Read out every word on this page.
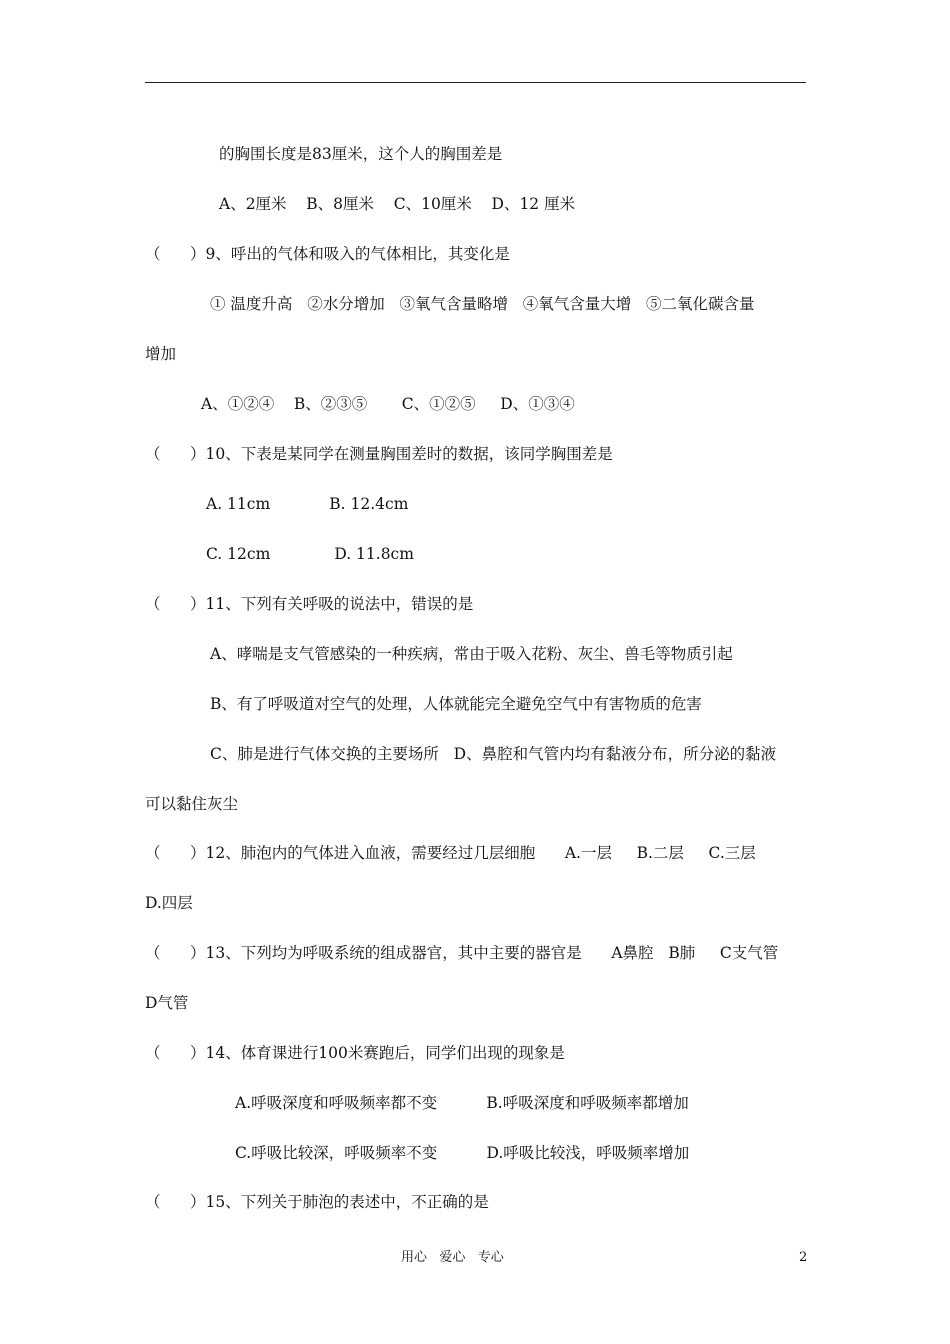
的胸围长度是83厘米，这个人的胸围差是
A、2厘米    B、8厘米    C、10厘米    D、12 厘米
（      ）9、呼出的气体和吸入的气体相比，其变化是
① 温度升高   ②水分增加   ③氧气含量略增   ④氧气含量大增   ⑤二氧化碳含量
增加
A、①②④    B、②③⑤       C、①②⑤     D、①③④
（      ）10、下表是某同学在测量胸围差时的数据，该同学胸围差是
A. 11cm            B. 12.4cm
C. 12cm             D. 11.8cm
（      ）11、下列有关呼吸的说法中，错误的是
A、哮喘是支气管感染的一种疾病，常由于吸入花粉、灰尘、兽毛等物质引起
B、有了呼吸道对空气的处理，人体就能完全避免空气中有害物质的危害
C、肺是进行气体交换的主要场所   D、鼻腔和气管内均有黏液分布，所分泌的黏液
可以黏住灰尘
（      ）12、肺泡内的气体进入血液，需要经过几层细胞      A.一层     B.二层     C.三层
D.四层
（      ）13、下列均为呼吸系统的组成器官，其中主要的器官是      A鼻腔   B肺     C支气管
D气管
（      ）14、体育课进行100米赛跑后，同学们出现的现象是
A.呼吸深度和呼吸频率都不变          B.呼吸深度和呼吸频率都增加
C.呼吸比较深，呼吸频率不变          D.呼吸比较浅，呼吸频率增加
（      ）15、下列关于肺泡的表述中，不正确的是
用心   爱心   专心	2
